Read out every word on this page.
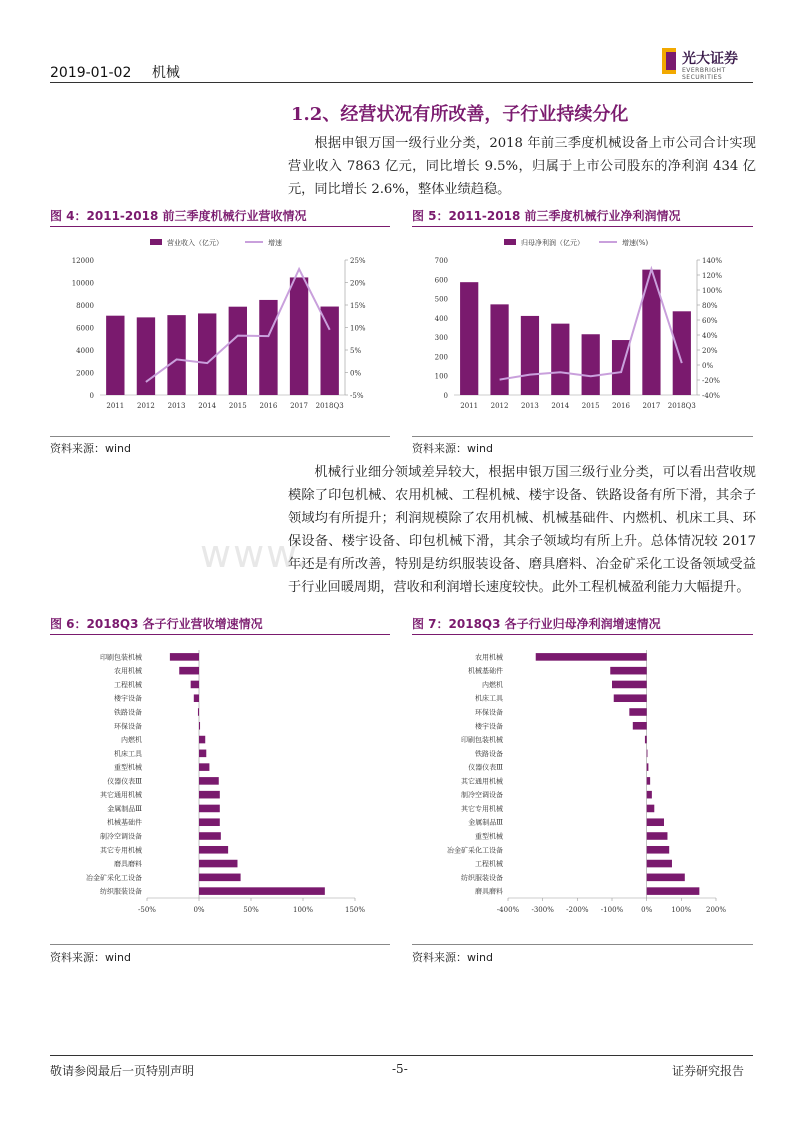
2019-01-02 机械
光大证券
EVERBRIGHT SECURITIES
1.2、经营状况有所改善，子行业持续分化
根据申银万国一级行业分类，2018 年前三季度机械设备上市公司合计实现营业收入 7863 亿元，同比增长 9.5%，归属于上市公司股东的净利润 434 亿元，同比增长 2.6%，整体业绩趋稳。
图 4：2011-2018 前三季度机械行业营收情况	图 5：2011-2018 前三季度机械行业净利润情况
营业收入（亿元）	增速
0
2000
4000
6000
8000
10000
12000
-5%
0%
5%
10%
15%
20%
25%
2011 2012 2013 2014 2015 2016 2017 2018Q3
归母净利润（亿元）	增速(%)
0
100
200
300
400
500
600
700
-40%
-20%
0%
20%
40%
60%
80%
100%
120%
140%
2011 2012 2013 2014 2015 2016 2017 2018Q3
资料来源：wind	资料来源：wind
www.
机械行业细分领域差异较大，根据申银万国三级行业分类，可以看出营收规模除了印包机械、农用机械、工程机械、楼宇设备、铁路设备有所下滑，其余子领域均有所提升；利润规模除了农用机械、机械基础件、内燃机、机床工具、环保设备、楼宇设备、印包机械下滑，其余子领域均有所上升。总体情况较 2017 年还是有所改善，特别是纺织服装设备、磨具磨料、冶金矿采化工设备领域受益于行业回暖周期，营收和利润增长速度较快。此外工程机械盈利能力大幅提升。
图 6：2018Q3 各子行业营收增速情况	图 7：2018Q3 各子行业归母净利润增速情况
-50%	0%	50%	100%	150%
印刷包装机械
农用机械
工程机械
楼宇设备
铁路设备
环保设备
内燃机
机床工具
重型机械
仪器仪表Ⅲ
其它通用机械
金属制品Ⅲ
机械基础件
制冷空调设备
其它专用机械
磨具磨料
冶金矿采化工设备
纺织服装设备
-400% -300% -200% -100%	0%	100% 200%
农用机械
机械基础件
内燃机
机床工具
环保设备
楼宇设备
印刷包装机械
铁路设备
仪器仪表Ⅲ
其它通用机械
制冷空调设备
其它专用机械
金属制品Ⅲ
重型机械
冶金矿采化工设备
工程机械
纺织服装设备
磨具磨料
资料来源：wind	资料来源：wind
敬请参阅最后一页特别声明	-5-	证券研究报告
